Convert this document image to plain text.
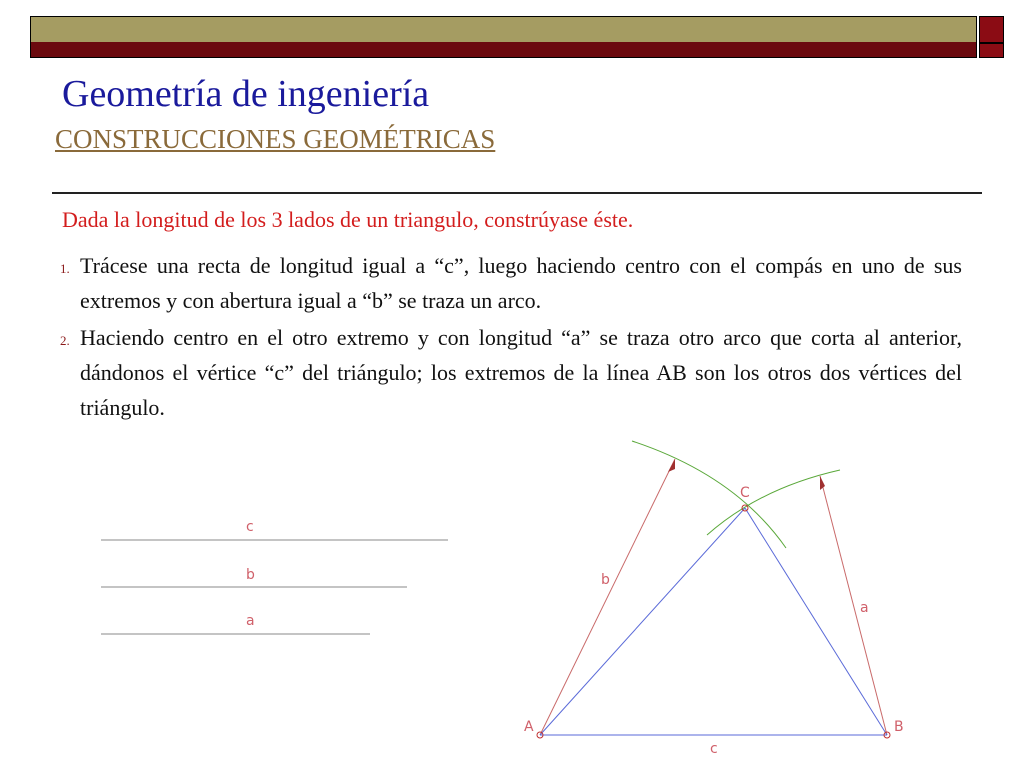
Geometría de ingeniería
CONSTRUCCIONES GEOMÉTRICAS
Dada la longitud de los 3 lados de un triangulo, constrúyase éste.
1. Trácese una recta de longitud igual a “c”, luego haciendo centro con el compás en uno de sus extremos y con abertura igual a “b” se traza un arco.
2. Haciendo centro en el otro extremo y con longitud “a” se traza otro arco que corta al anterior, dándonos el vértice “c” del triángulo; los extremos de la línea AB son los otros dos vértices del triángulo.
c
b
a
A	B
C
b
a
c
